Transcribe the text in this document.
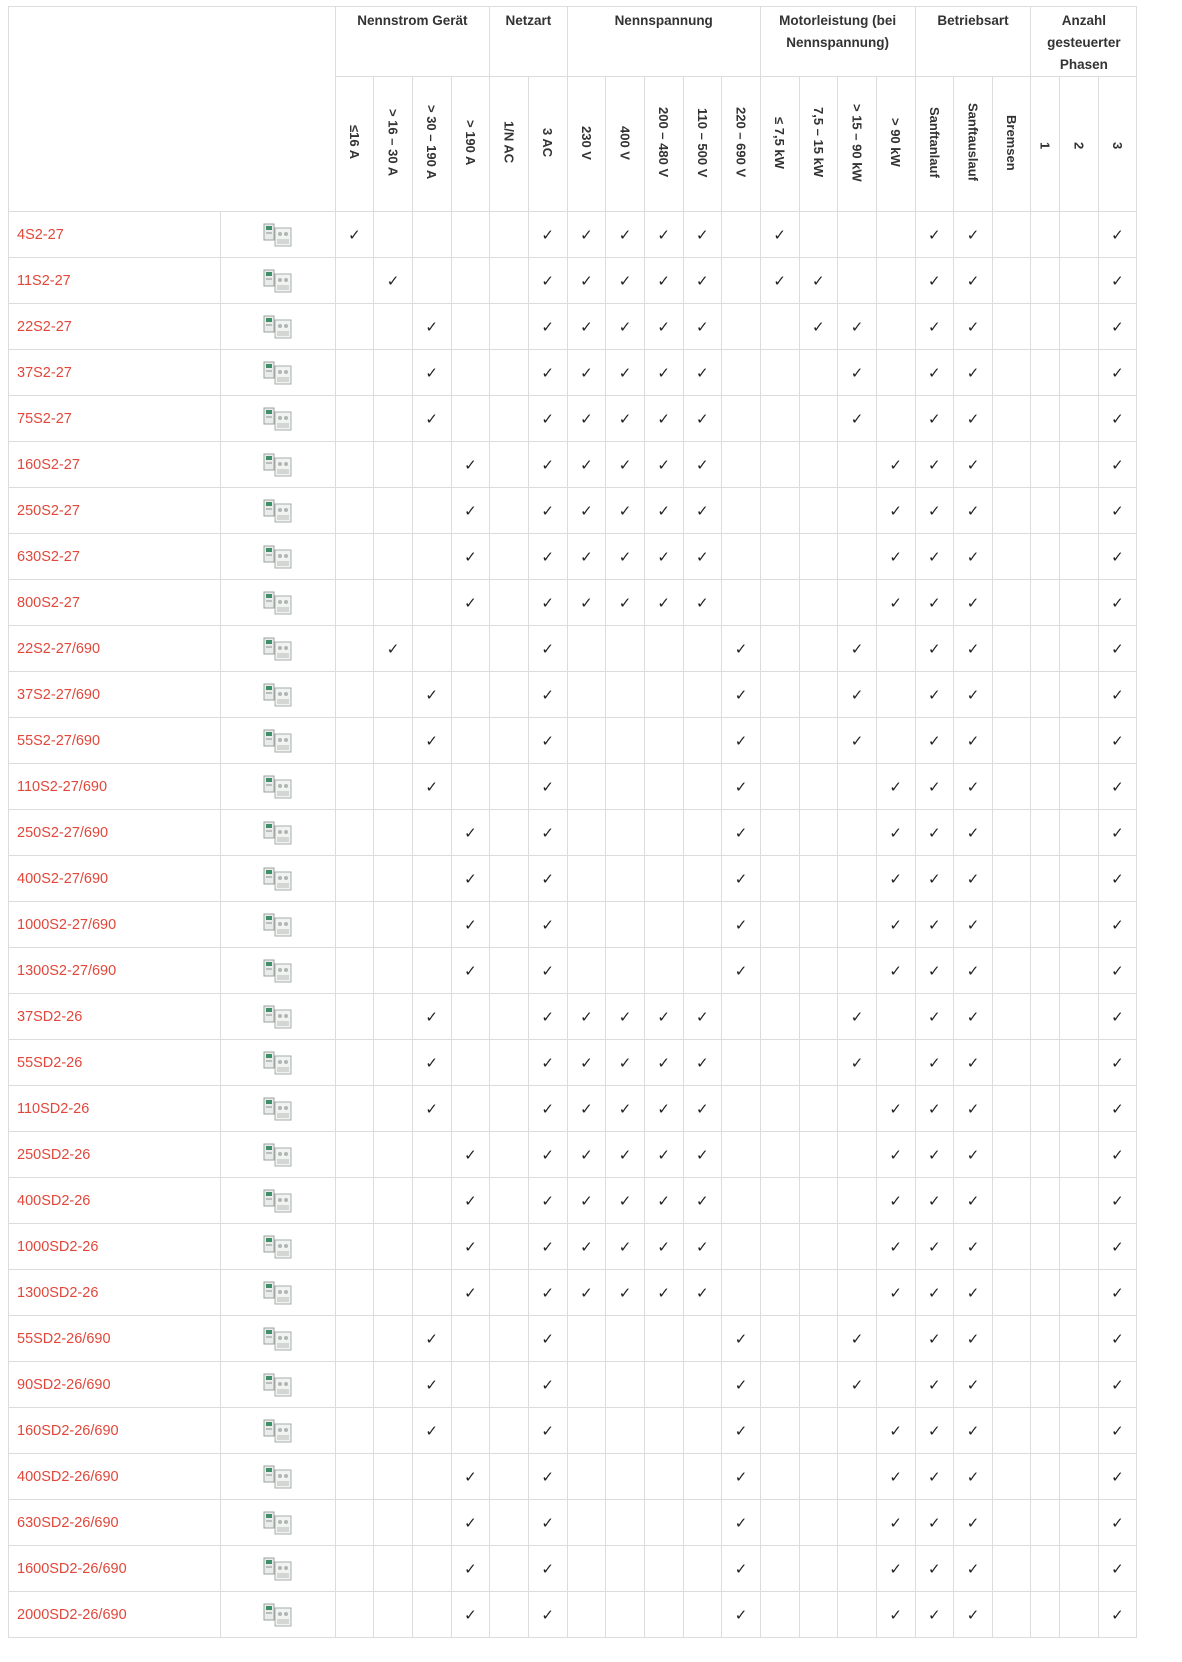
		Nennstrom Gerät				Netzart		Nennspannung					Motorleistung (bei Nennspannung)				Betriebsart			Anzahl gesteuerter Phasen		
		≤16 A	> 16 – 30 A	> 30 – 190 A	> 190 A	1/N AC	3 AC	230 V	400 V	200 – 480 V	110 – 500 V	220 – 690 V	≤ 7,5 kW	7,5 – 15 kW	> 15 – 90 kW	> 90 kW	Sanftanlauf	Sanftauslauf	Bremsen	1	2	3
4S2-27		✓					✓	✓	✓	✓	✓		✓				✓	✓				✓
11S2-27			✓				✓	✓	✓	✓	✓		✓	✓			✓	✓				✓
22S2-27				✓			✓	✓	✓	✓	✓			✓	✓		✓	✓				✓
37S2-27				✓			✓	✓	✓	✓	✓				✓		✓	✓				✓
75S2-27				✓			✓	✓	✓	✓	✓				✓		✓	✓				✓
160S2-27					✓		✓	✓	✓	✓	✓					✓	✓	✓				✓
250S2-27					✓		✓	✓	✓	✓	✓					✓	✓	✓				✓
630S2-27					✓		✓	✓	✓	✓	✓					✓	✓	✓				✓
800S2-27					✓		✓	✓	✓	✓	✓					✓	✓	✓				✓
22S2-27/690			✓				✓					✓			✓		✓	✓				✓
37S2-27/690				✓			✓					✓			✓		✓	✓				✓
55S2-27/690				✓			✓					✓			✓		✓	✓				✓
110S2-27/690				✓			✓					✓				✓	✓	✓				✓
250S2-27/690					✓		✓					✓				✓	✓	✓				✓
400S2-27/690					✓		✓					✓				✓	✓	✓				✓
1000S2-27/690					✓		✓					✓				✓	✓	✓				✓
1300S2-27/690					✓		✓					✓				✓	✓	✓				✓
37SD2-26				✓			✓	✓	✓	✓	✓				✓		✓	✓				✓
55SD2-26				✓			✓	✓	✓	✓	✓				✓		✓	✓				✓
110SD2-26				✓			✓	✓	✓	✓	✓					✓	✓	✓				✓
250SD2-26					✓		✓	✓	✓	✓	✓					✓	✓	✓				✓
400SD2-26					✓		✓	✓	✓	✓	✓					✓	✓	✓				✓
1000SD2-26					✓		✓	✓	✓	✓	✓					✓	✓	✓				✓
1300SD2-26					✓		✓	✓	✓	✓	✓					✓	✓	✓				✓
55SD2-26/690				✓			✓					✓			✓		✓	✓				✓
90SD2-26/690				✓			✓					✓			✓		✓	✓				✓
160SD2-26/690				✓			✓					✓				✓	✓	✓				✓
400SD2-26/690					✓		✓					✓				✓	✓	✓				✓
630SD2-26/690					✓		✓					✓				✓	✓	✓				✓
1600SD2-26/690					✓		✓					✓				✓	✓	✓				✓
2000SD2-26/690					✓		✓					✓				✓	✓	✓				✓
